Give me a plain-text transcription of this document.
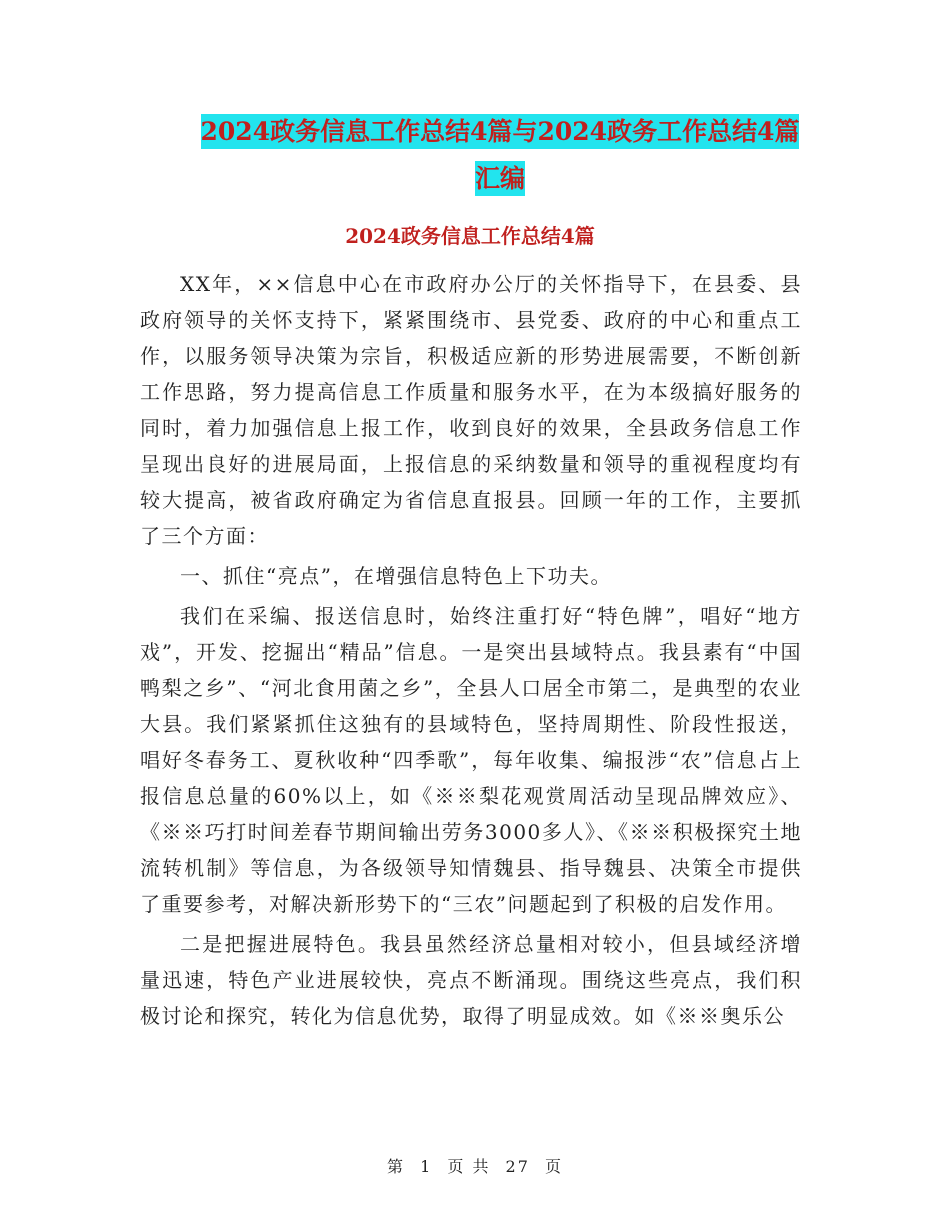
2024政务信息工作总结4篇与2024政务工作总结4篇
汇编
2024政务信息工作总结4篇

XX年，××信息中心在市政府办公厅的关怀指导下，在县委、县政府领导的关怀支持下，紧紧围绕市、县党委、政府的中心和重点工作，以服务领导决策为宗旨，积极适应新的形势进展需要，不断创新工作思路，努力提高信息工作质量和服务水平，在为本级搞好服务的同时，着力加强信息上报工作，收到良好的效果，全县政务信息工作呈现出良好的进展局面，上报信息的采纳数量和领导的重视程度均有较大提高，被省政府确定为省信息直报县。回顾一年的工作，主要抓了三个方面：

一、抓住“亮点”，在增强信息特色上下功夫。

我们在采编、报送信息时，始终注重打好“特色牌”，唱好“地方戏”，开发、挖掘出“精品”信息。一是突出县域特点。我县素有“中国鸭梨之乡”、“河北食用菌之乡”，全县人口居全市第二，是典型的农业大县。我们紧紧抓住这独有的县域特色，坚持周期性、阶段性报送，唱好冬春务工、夏秋收种“四季歌”，每年收集、编报涉“农”信息占上报信息总量的60%以上，如《※※梨花观赏周活动呈现品牌效应》、《※※巧打时间差春节期间输出劳务3000多人》、《※※积极探究土地流转机制》等信息，为各级领导知情魏县、指导魏县、决策全市提供了重要参考，对解决新形势下的“三农”问题起到了积极的启发作用。

二是把握进展特色。我县虽然经济总量相对较小，但县域经济增量迅速，特色产业进展较快，亮点不断涌现。围绕这些亮点，我们积极讨论和探究，转化为信息优势，取得了明显成效。如《※※奥乐公

第 1 页 共 27 页
